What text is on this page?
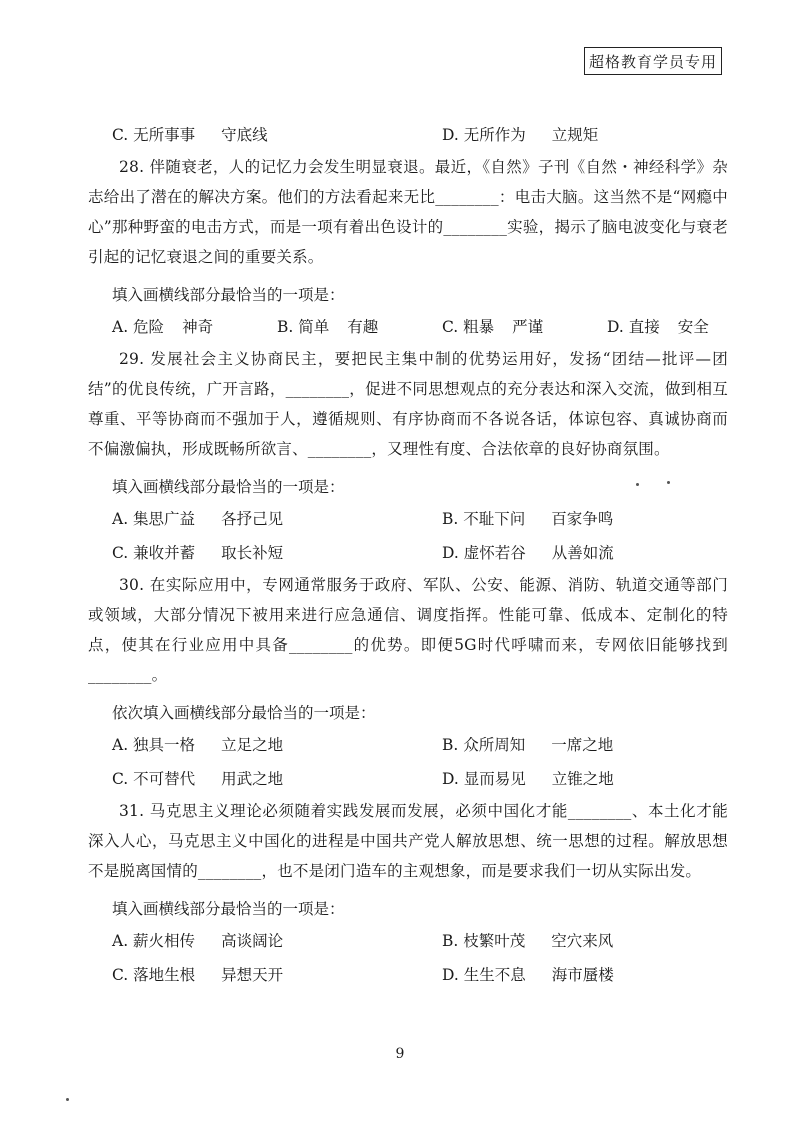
超格教育学员专用
C. 无所事事 守底线	D. 无所作为 立规矩

28. 伴随衰老，人的记忆力会发生明显衰退。最近，《自然》子刊《自然・神经科学》杂志给出了潜在的解决方案。他们的方法看起来无比________：电击大脑。这当然不是“网瘾中心”那种野蛮的电击方式，而是一项有着出色设计的________实验，揭示了脑电波变化与衰老引起的记忆衰退之间的重要关系。

填入画横线部分最恰当的一项是：

A. 危险 神奇	B. 简单 有趣	C. 粗暴 严谨	D. 直接 安全

29. 发展社会主义协商民主，要把民主集中制的优势运用好，发扬“团结—批评—团结”的优良传统，广开言路，________，促进不同思想观点的充分表达和深入交流，做到相互尊重、平等协商而不强加于人，遵循规则、有序协商而不各说各话，体谅包容、真诚协商而不偏激偏执，形成既畅所欲言、________，又理性有度、合法依章的良好协商氛围。

填入画横线部分最恰当的一项是：

A. 集思广益 各抒己见	B. 不耻下问 百家争鸣
C. 兼收并蓄 取长补短	D. 虚怀若谷 从善如流

30. 在实际应用中，专网通常服务于政府、军队、公安、能源、消防、轨道交通等部门或领域，大部分情况下被用来进行应急通信、调度指挥。性能可靠、低成本、定制化的特点，使其在行业应用中具备________的优势。即便5G时代呼啸而来，专网依旧能够找到________。

依次填入画横线部分最恰当的一项是：

A. 独具一格 立足之地	B. 众所周知 一席之地
C. 不可替代 用武之地	D. 显而易见 立锥之地

31. 马克思主义理论必须随着实践发展而发展，必须中国化才能________、本土化才能深入人心，马克思主义中国化的进程是中国共产党人解放思想、统一思想的过程。解放思想不是脱离国情的________，也不是闭门造车的主观想象，而是要求我们一切从实际出发。

填入画横线部分最恰当的一项是：

A. 薪火相传 高谈阔论	B. 枝繁叶茂 空穴来风
C. 落地生根 异想天开	D. 生生不息 海市蜃楼
9
